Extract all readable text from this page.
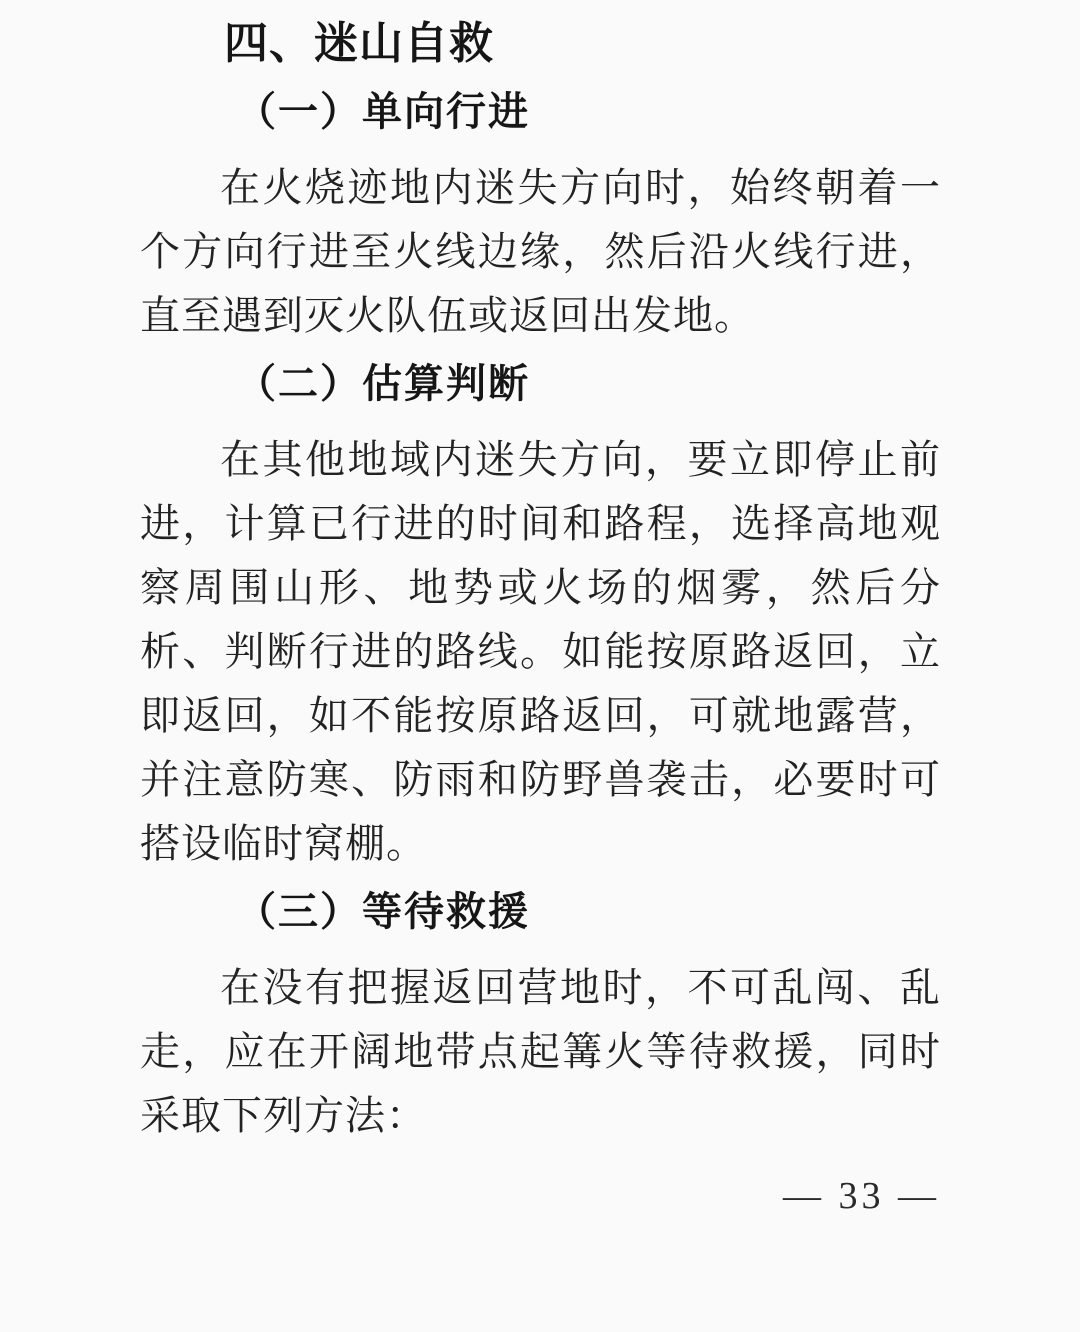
四、迷山自救
（一）单向行进

在火烧迹地内迷失方向时，始终朝着一

个方向行进至火线边缘，然后沿火线行进，

直至遇到灭火队伍或返回出发地。

（二）估算判断

在其他地域内迷失方向，要立即停止前

进，计算已行进的时间和路程，选择高地观

察周围山形、地势或火场的烟雾，然后分

析、判断行进的路线。如能按原路返回，立

即返回，如不能按原路返回，可就地露营，

并注意防寒、防雨和防野兽袭击，必要时可

搭设临时窝棚。

（三）等待救援

在没有把握返回营地时，不可乱闯、乱

走，应在开阔地带点起篝火等待救援，同时

采取下列方法：

— 33 —
